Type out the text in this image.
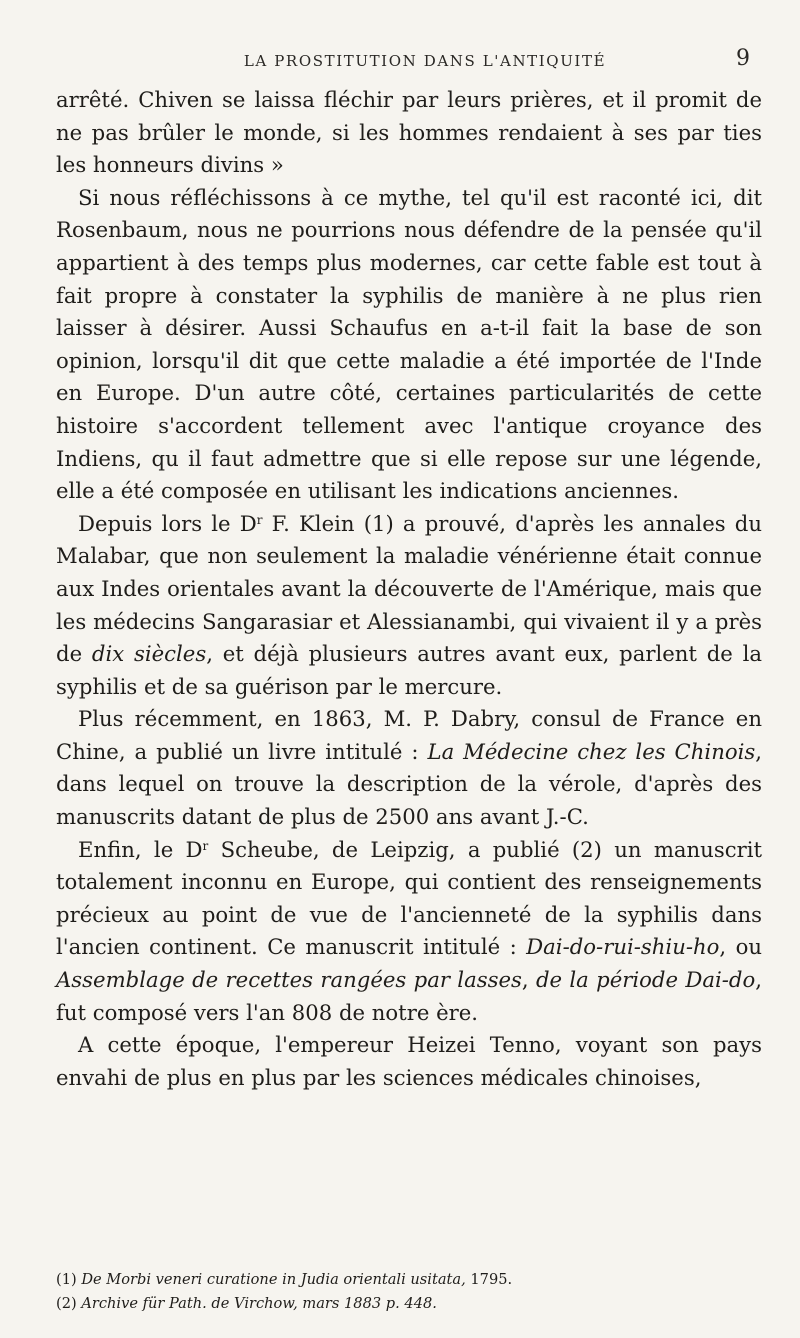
LA PROSTITUTION DANS L'ANTIQUITÉ	9

arrêté. Chiven se laissa fléchir par leurs prières, et il promit de ne pas brûler le monde, si les hommes rendaient à ses par ties les honneurs divins »

Si nous réfléchissons à ce mythe, tel qu'il est raconté ici, dit Rosenbaum, nous ne pourrions nous défendre de la pensée qu'il appartient à des temps plus modernes, car cette fable est tout à fait propre à constater la syphilis de manière à ne plus rien laisser à désirer. Aussi Schaufus en a-t-il fait la base de son opinion, lorsqu'il dit que cette maladie a été importée de l'Inde en Europe. D'un autre côté, certaines particularités de cette histoire s'accordent tellement avec l'antique croyance des Indiens, qu il faut admettre que si elle repose sur une légende, elle a été composée en utilisant les indications anciennes.

Depuis lors le $D^r$ F. Klein (1) a prouvé, d'après les annales du Malabar, que non seulement la maladie vénérienne était connue aux Indes orientales avant la découverte de l'Amérique, mais que les médecins Sangarasiar et Alessianambi, qui vivaient il y a près de dix siècles, et déjà plusieurs autres avant eux, parlent de la syphilis et de sa guérison par le mercure.

Plus récemment, en 1863, M. P. Dabry, consul de France en Chine, a publié un livre intitulé : La Médecine chez les Chinois, dans lequel on trouve la description de la vérole, d'après des manuscrits datant de plus de 2500 ans avant J.-C.

Enfin, le $D^r$ Scheube, de Leipzig, a publié (2) un manuscrit totalement inconnu en Europe, qui contient des renseignements précieux au point de vue de l'ancienneté de la syphilis dans l'ancien continent. Ce manuscrit intitulé : Dai-do-rui-shiu-ho, ou Assemblage de recettes rangées par lasses, de la période Dai-do, fut composé vers l'an 808 de notre ère.

A cette époque, l'empereur Heizei Tenno, voyant son pays envahi de plus en plus par les sciences médicales chinoises,

(1) De Morbi veneri curatione in Judia orientali usitata, 1795.
(2) Archive für Path. de Virchow, mars 1883 p. 448.
